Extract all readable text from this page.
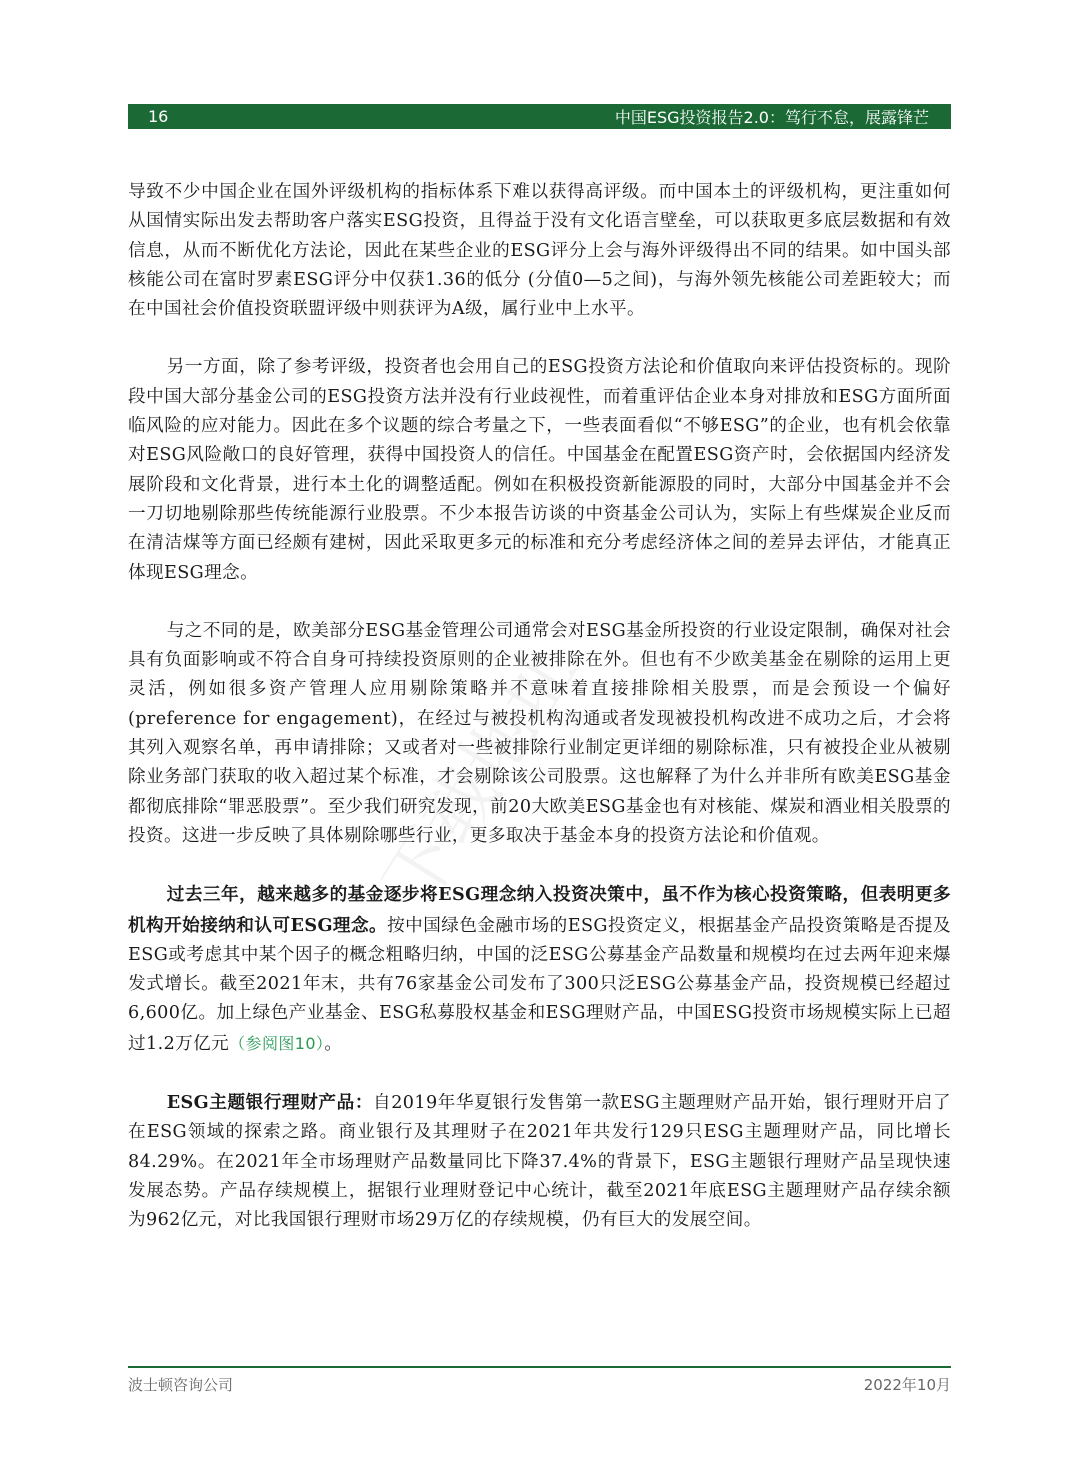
16	中国ESG投资报告2.0：笃行不怠，展露锋芒

导致不少中国企业在国外评级机构的指标体系下难以获得高评级。而中国本土的评级机构，更注重如何从国情实际出发去帮助客户落实ESG投资，且得益于没有文化语言壁垒，可以获取更多底层数据和有效信息，从而不断优化方法论，因此在某些企业的ESG评分上会与海外评级得出不同的结果。如中国头部核能公司在富时罗素ESG评分中仅获1.36的低分 (分值0—5之间)，与海外领先核能公司差距较大；而在中国社会价值投资联盟评级中则获评为A级，属行业中上水平。

另一方面，除了参考评级，投资者也会用自己的ESG投资方法论和价值取向来评估投资标的。现阶段中国大部分基金公司的ESG投资方法并没有行业歧视性，而着重评估企业本身对排放和ESG方面所面临风险的应对能力。因此在多个议题的综合考量之下，一些表面看似“不够ESG”的企业，也有机会依靠对ESG风险敞口的良好管理，获得中国投资人的信任。中国基金在配置ESG资产时，会依据国内经济发展阶段和文化背景，进行本土化的调整适配。例如在积极投资新能源股的同时，大部分中国基金并不会一刀切地剔除那些传统能源行业股票。不少本报告访谈的中资基金公司认为，实际上有些煤炭企业反而在清洁煤等方面已经颇有建树，因此采取更多元的标准和充分考虑经济体之间的差异去评估，才能真正体现ESG理念。

与之不同的是，欧美部分ESG基金管理公司通常会对ESG基金所投资的行业设定限制，确保对社会具有负面影响或不符合自身可持续投资原则的企业被排除在外。但也有不少欧美基金在剔除的运用上更灵活，例如很多资产管理人应用剔除策略并不意味着直接排除相关股票，而是会预设一个偏好 (preference for engagement)，在经过与被投机构沟通或者发现被投机构改进不成功之后，才会将其列入观察名单，再申请排除；又或者对一些被排除行业制定更详细的剔除标准，只有被投企业从被剔除业务部门获取的收入超过某个标准，才会剔除该公司股票。这也解释了为什么并非所有欧美ESG基金都彻底排除“罪恶股票”。至少我们研究发现，前20大欧美ESG基金也有对核能、煤炭和酒业相关股票的投资。这进一步反映了具体剔除哪些行业，更多取决于基金本身的投资方法论和价值观。

过去三年，越来越多的基金逐步将ESG理念纳入投资决策中，虽不作为核心投资策略，但表明更多机构开始接纳和认可ESG理念。按中国绿色金融市场的ESG投资定义，根据基金产品投资策略是否提及ESG或考虑其中某个因子的概念粗略归纳，中国的泛ESG公募基金产品数量和规模均在过去两年迎来爆发式增长。截至2021年末，共有76家基金公司发布了300只泛ESG公募基金产品，投资规模已经超过6,600亿。加上绿色产业基金、ESG私募股权基金和ESG理财产品，中国ESG投资市场规模实际上已超过1.2万亿元（参阅图10）。

ESG主题银行理财产品：自2019年华夏银行发售第一款ESG主题理财产品开始，银行理财开启了在ESG领域的探索之路。商业银行及其理财子在2021年共发行129只ESG主题理财产品，同比增长84.29%。在2021年全市场理财产品数量同比下降37.4%的背景下，ESG主题银行理财产品呈现快速发展态势。产品存续规模上，据银行业理财登记中心统计，截至2021年底ESG主题理财产品存续余额为962亿元，对比我国银行理财市场29万亿的存续规模，仍有巨大的发展空间。

波士顿咨询公司	2022年10月
